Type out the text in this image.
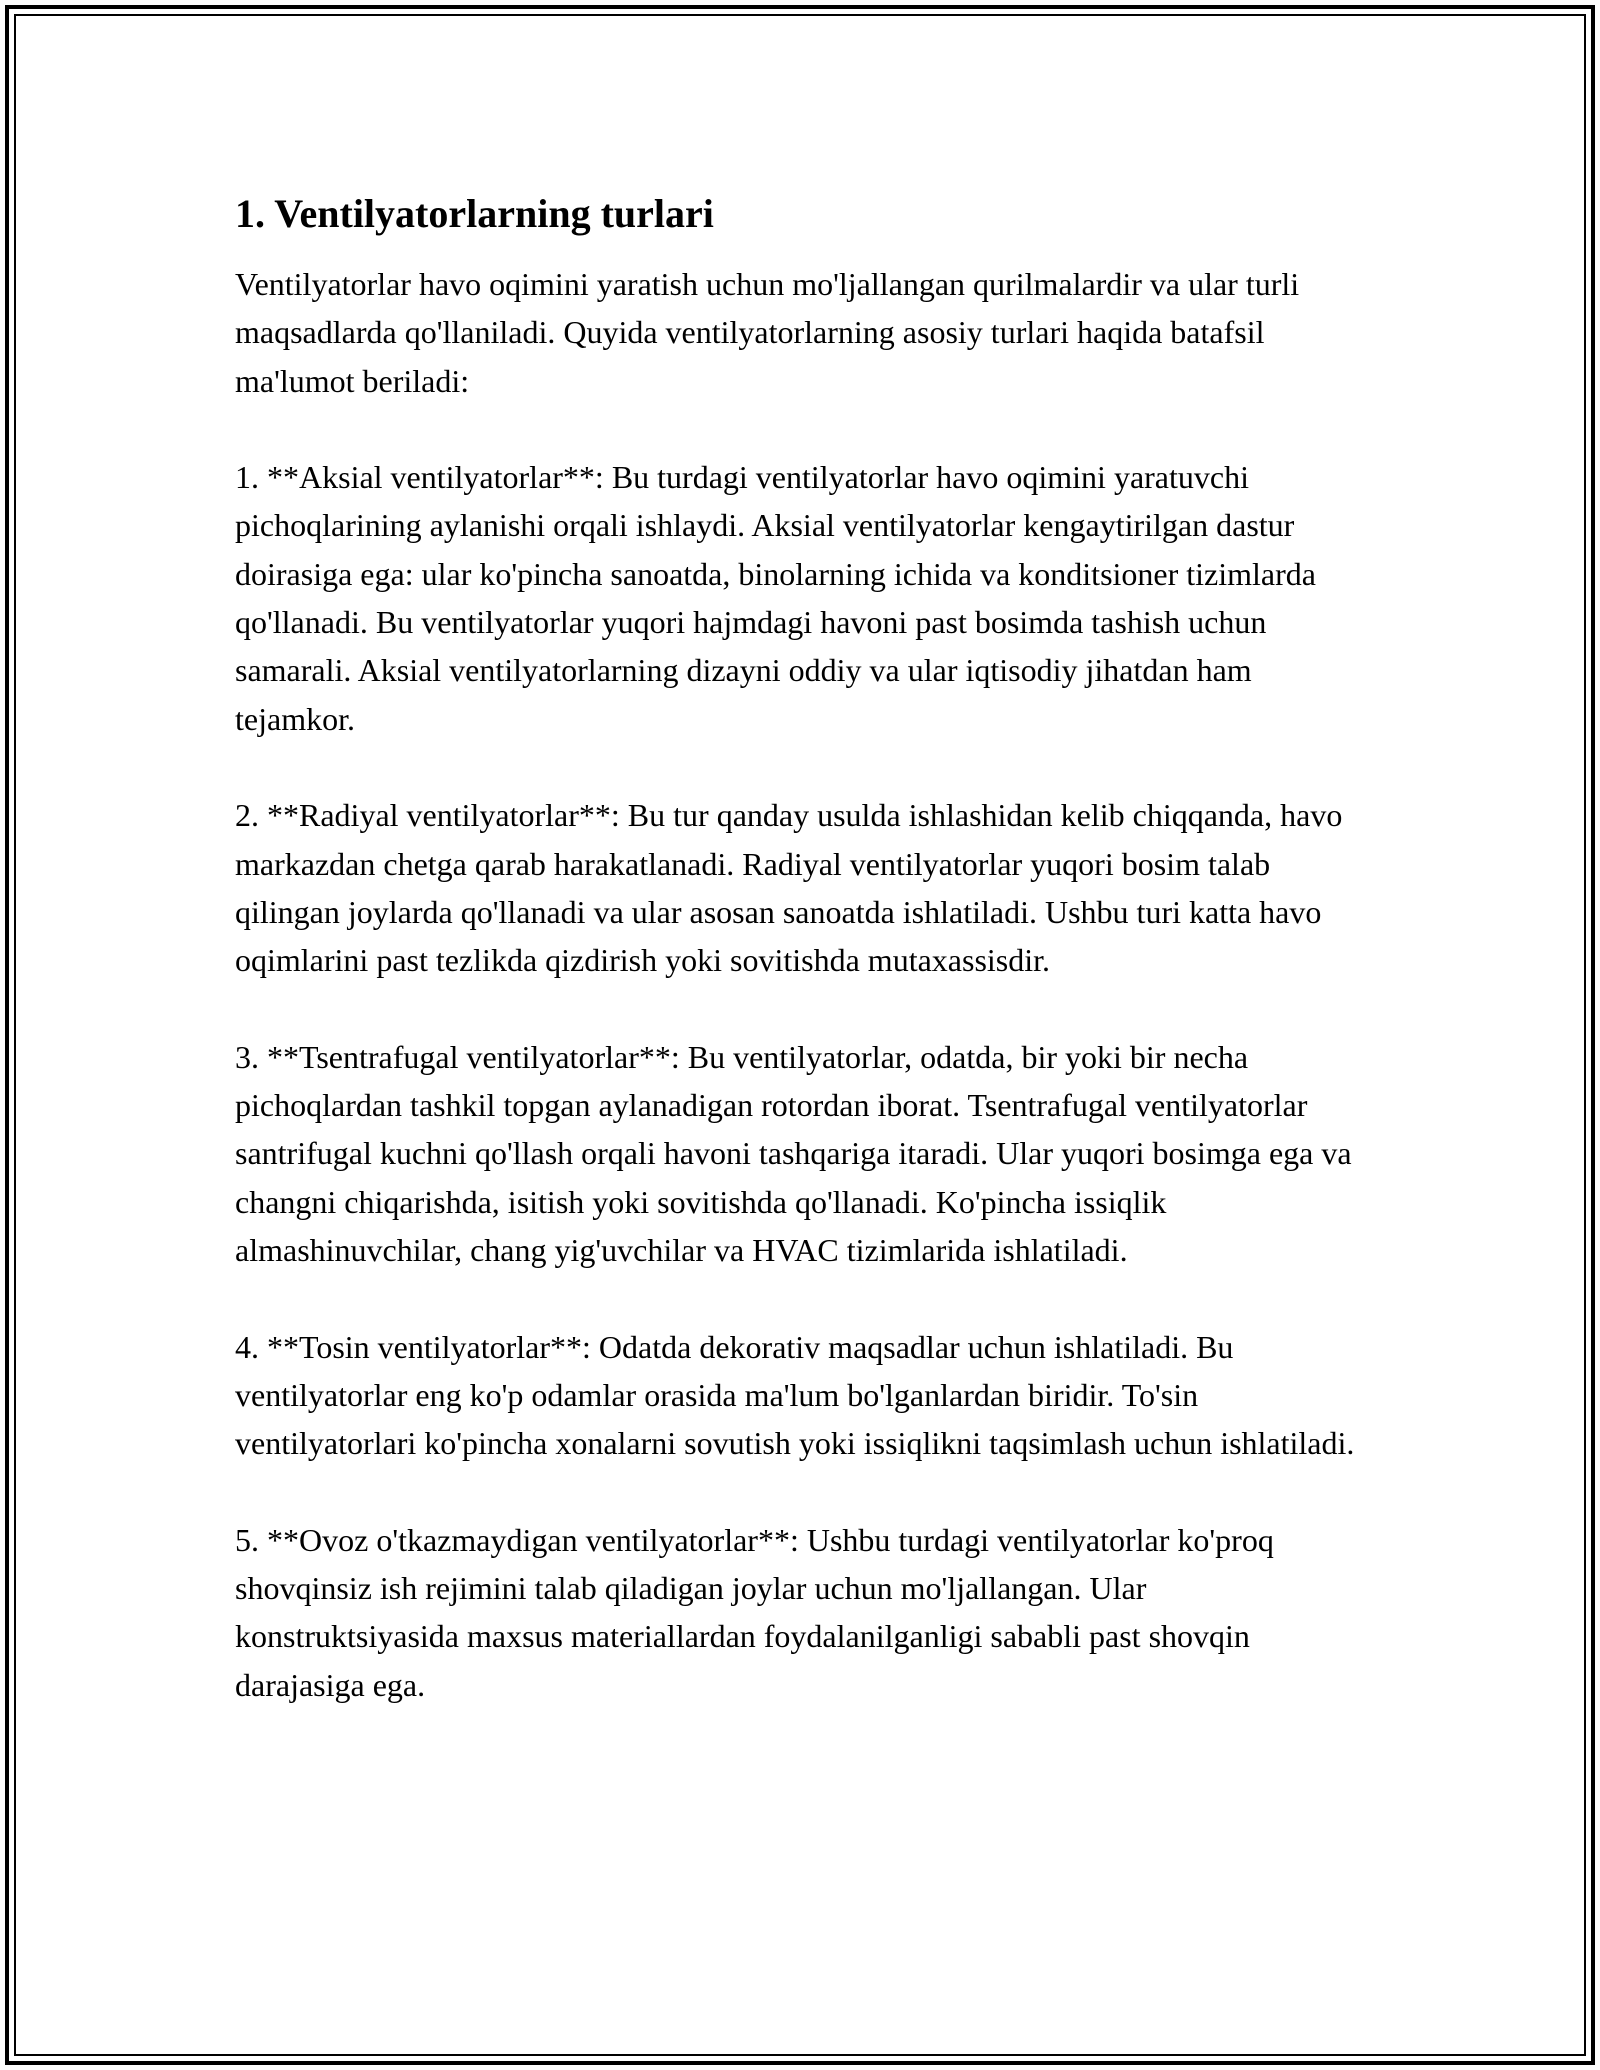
1. Ventilyatorlarning turlari

Ventilyatorlar havo oqimini yaratish uchun mo'ljallangan qurilmalardir va ular turli maqsadlarda qo'llaniladi. Quyida ventilyatorlarning asosiy turlari haqida batafsil ma'lumot beriladi:

1. **Aksial ventilyatorlar**: Bu turdagi ventilyatorlar havo oqimini yaratuvchi pichoqlarining aylanishi orqali ishlaydi. Aksial ventilyatorlar kengaytirilgan dastur doirasiga ega: ular ko'pincha sanoatda, binolarning ichida va konditsioner tizimlarda qo'llanadi. Bu ventilyatorlar yuqori hajmdagi havoni past bosimda tashish uchun samarali. Aksial ventilyatorlarning dizayni oddiy va ular iqtisodiy jihatdan ham tejamkor.

2. **Radiyal ventilyatorlar**: Bu tur qanday usulda ishlashidan kelib chiqqanda, havo markazdan chetga qarab harakatlanadi. Radiyal ventilyatorlar yuqori bosim talab qilingan joylarda qo'llanadi va ular asosan sanoatda ishlatiladi. Ushbu turi katta havo oqimlarini past tezlikda qizdirish yoki sovitishda mutaxassisdir.

3. **Tsentrafugal ventilyatorlar**: Bu ventilyatorlar, odatda, bir yoki bir necha pichoqlardan tashkil topgan aylanadigan rotordan iborat. Tsentrafugal ventilyatorlar santrifugal kuchni qo'llash orqali havoni tashqariga itaradi. Ular yuqori bosimga ega va changni chiqarishda, isitish yoki sovitishda qo'llanadi. Ko'pincha issiqlik almashinuvchilar, chang yig'uvchilar va HVAC tizimlarida ishlatiladi.

4. **Tosin ventilyatorlar**: Odatda dekorativ maqsadlar uchun ishlatiladi. Bu ventilyatorlar eng ko'p odamlar orasida ma'lum bo'lganlardan biridir. To'sin ventilyatorlari ko'pincha xonalarni sovutish yoki issiqlikni taqsimlash uchun ishlatiladi.

5. **Ovoz o'tkazmaydigan ventilyatorlar**: Ushbu turdagi ventilyatorlar ko'proq shovqinsiz ish rejimini talab qiladigan joylar uchun mo'ljallangan. Ular konstruktsiyasida maxsus materiallardan foydalanilganligi sababli past shovqin darajasiga ega.
